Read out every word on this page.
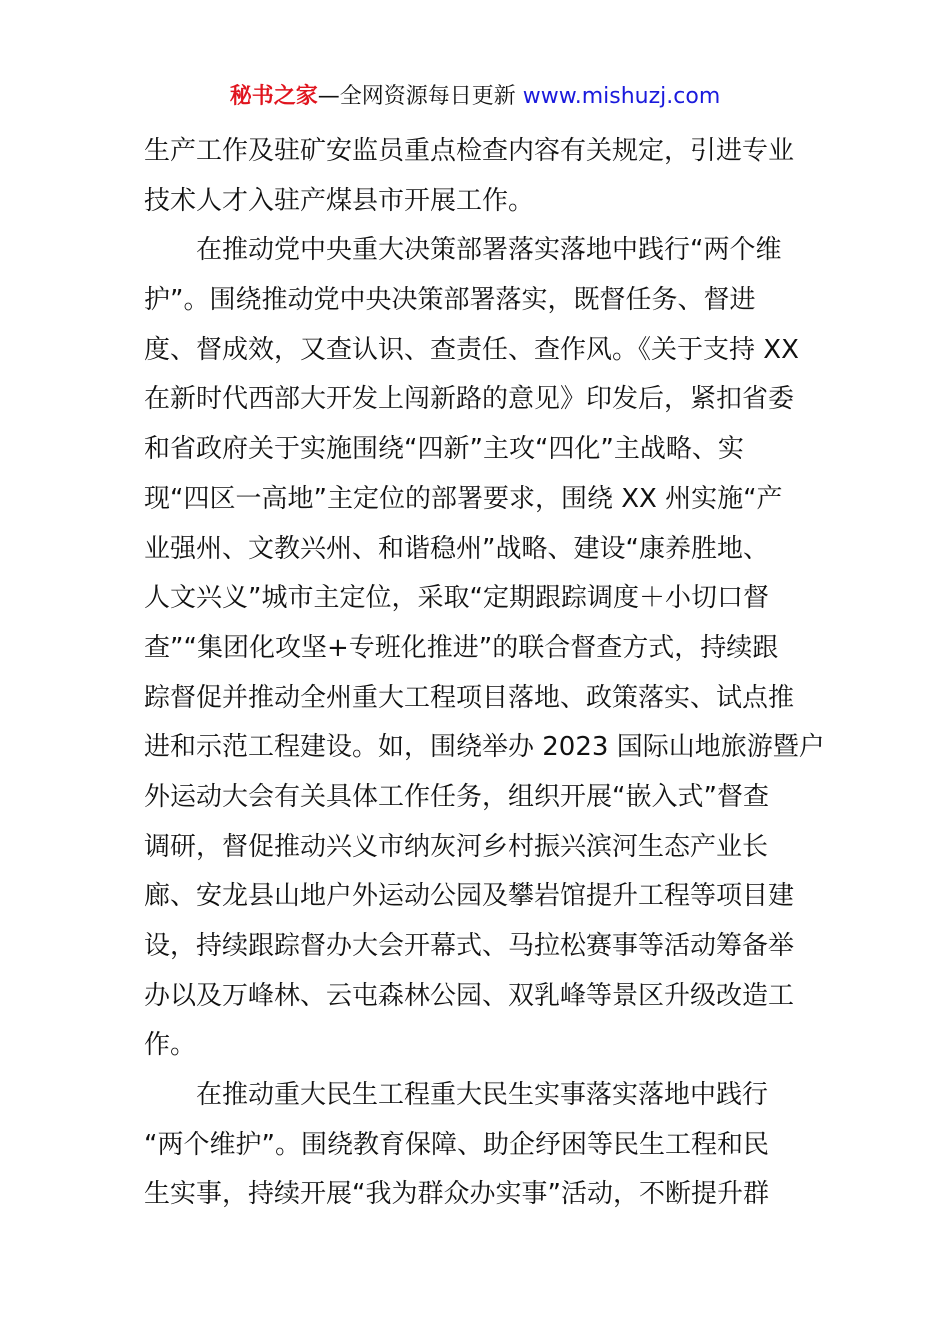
秘书之家—全网资源每日更新 www.mishuzj.com
生产工作及驻矿安监员重点检查内容有关规定，引进专业
技术人才入驻产煤县市开展工作。
　　在推动党中央重大决策部署落实落地中践行“两个维
护”。围绕推动党中央决策部署落实，既督任务、督进
度、督成效，又查认识、查责任、查作风。《关于支持 XX
在新时代西部大开发上闯新路的意见》印发后，紧扣省委
和省政府关于实施围绕“四新”主攻“四化”主战略、实
现“四区一高地”主定位的部署要求，围绕 XX 州实施“产
业强州、文教兴州、和谐稳州”战略、建设“康养胜地、
人文兴义”城市主定位，采取“定期跟踪调度＋小切口督
查”“集团化攻坚+专班化推进”的联合督查方式，持续跟
踪督促并推动全州重大工程项目落地、政策落实、试点推
进和示范工程建设。如，围绕举办 2023 国际山地旅游暨户
外运动大会有关具体工作任务，组织开展“嵌入式”督查
调研，督促推动兴义市纳灰河乡村振兴滨河生态产业长
廊、安龙县山地户外运动公园及攀岩馆提升工程等项目建
设，持续跟踪督办大会开幕式、马拉松赛事等活动筹备举
办以及万峰林、云屯森林公园、双乳峰等景区升级改造工
作。
　　在推动重大民生工程重大民生实事落实落地中践行
“两个维护”。围绕教育保障、助企纾困等民生工程和民
生实事，持续开展“我为群众办实事”活动，不断提升群
